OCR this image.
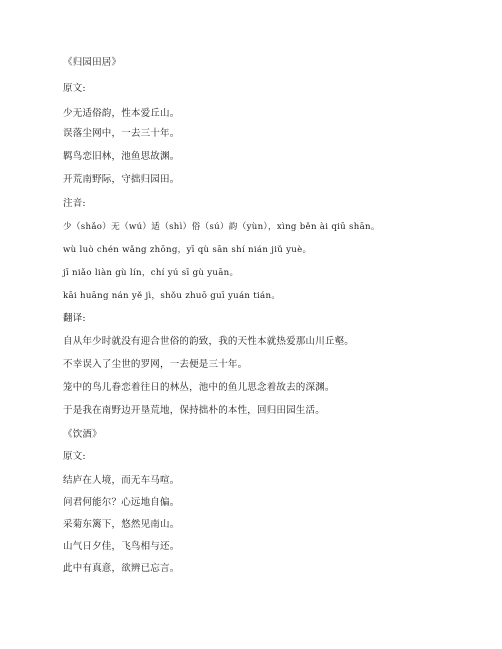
《归园田居》
原文:
少无适俗韵，性本爱丘山。
误落尘网中，一去三十年。
羁鸟恋旧林，池鱼思故渊。
开荒南野际，守拙归园田。
注音:
少（shǎo）无（wú）适（shì）俗（sú）韵（yùn），xìng běn ài qiū shān。
wù luò chén wǎng zhōng，yī qù sān shí nián jiǔ yuè。
jī niǎo liàn gù lín，chí yú sī gù yuān。
kāi huāng nán yě jì，shǒu zhuō guī yuán tián。
翻译:
自从年少时就没有迎合世俗的韵致，我的天性本就热爱那山川丘壑。
不幸误入了尘世的罗网，一去便是三十年。
笼中的鸟儿眷恋着往日的林丛，池中的鱼儿思念着故去的深渊。
于是我在南野边开垦荒地，保持拙朴的本性，回归田园生活。
《饮酒》
原文:
结庐在人境，而无车马喧。
问君何能尔？心远地自偏。
采菊东篱下，悠然见南山。
山气日夕佳，飞鸟相与还。
此中有真意，欲辨已忘言。
